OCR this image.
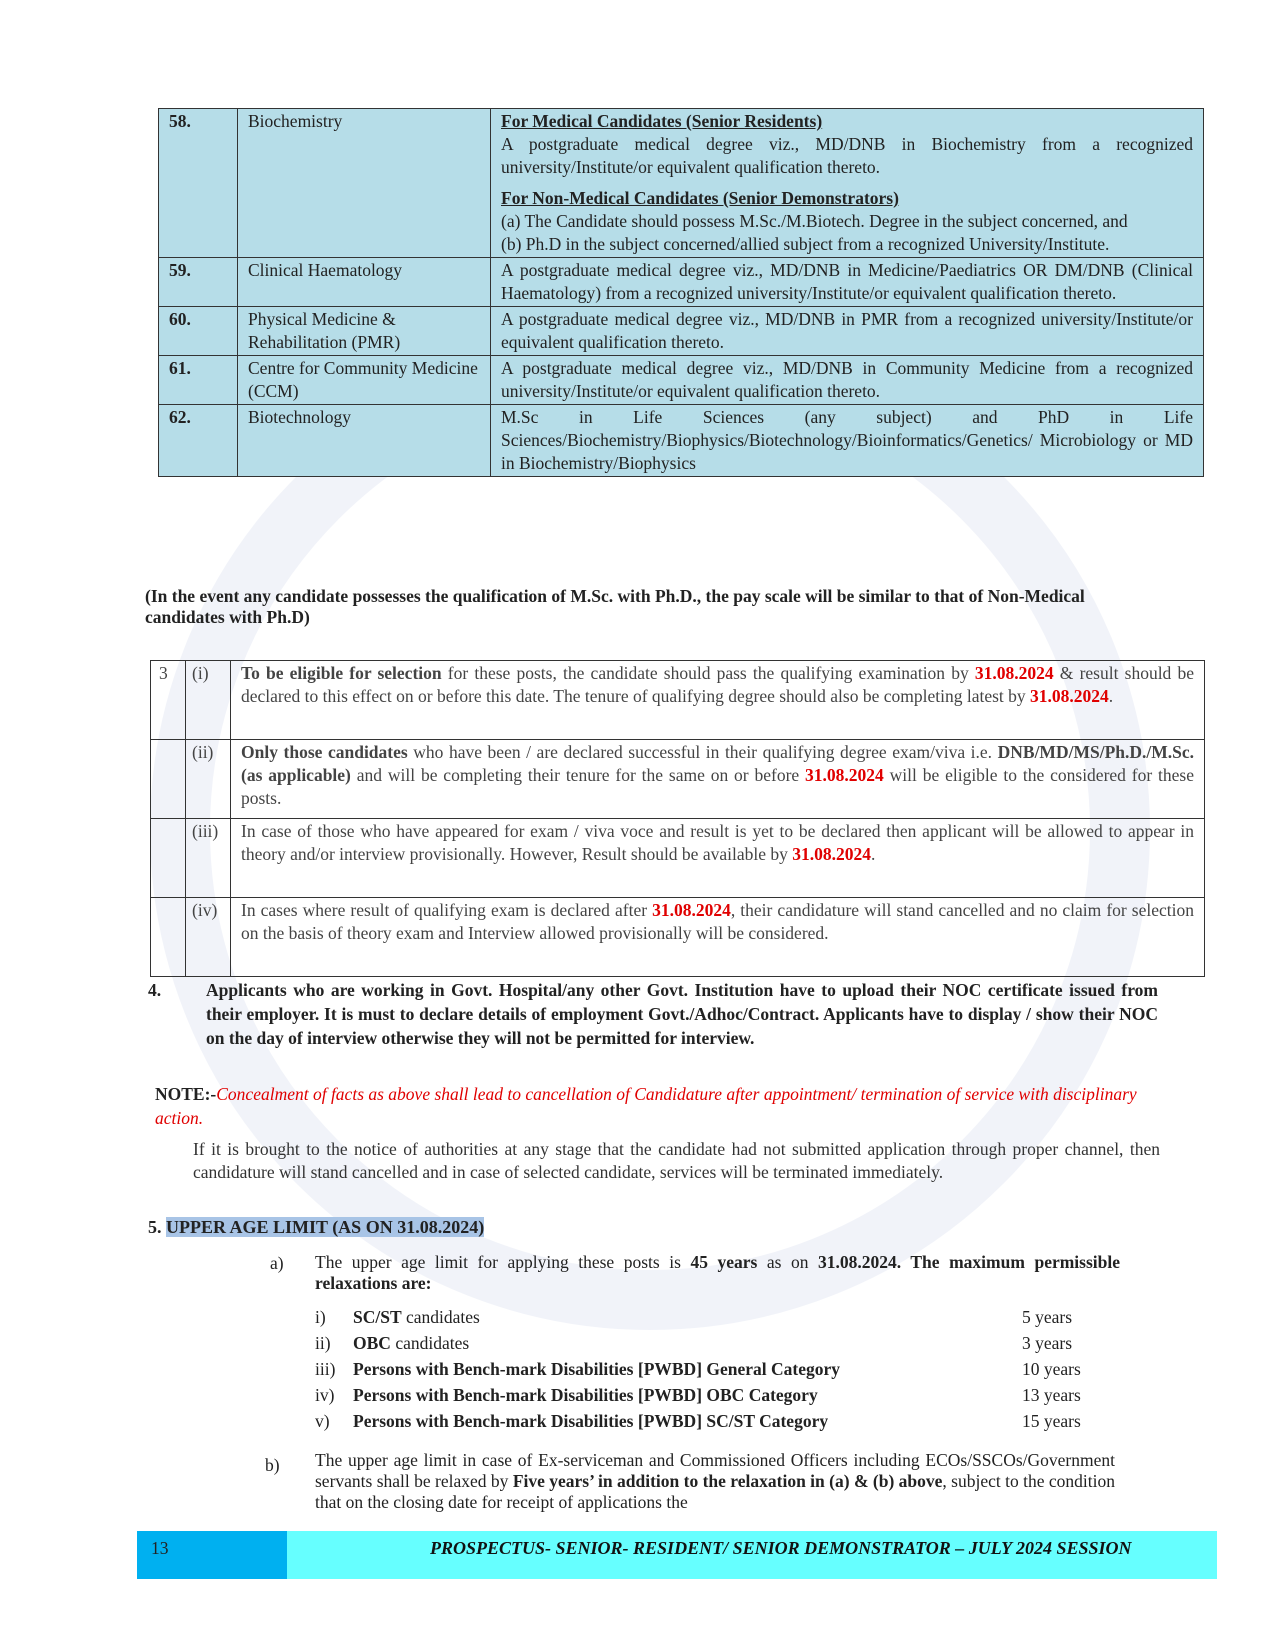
58.	Biochemistry	For Medical Candidates (Senior Residents)
A postgraduate medical degree viz., MD/DNB in Biochemistry from a recognized university/Institute/or equivalent qualification thereto.
For Non-Medical Candidates (Senior Demonstrators)
(a) The Candidate should possess M.Sc./M.Biotech. Degree in the subject concerned, and
(b) Ph.D in the subject concerned/allied subject from a recognized University/Institute.

59.	Clinical Haematology	A postgraduate medical degree viz., MD/DNB in Medicine/Paediatrics OR DM/DNB (Clinical Haematology) from a recognized university/Institute/or equivalent qualification thereto.
60.	Physical Medicine & Rehabilitation (PMR)	A postgraduate medical degree viz., MD/DNB in PMR from a recognized university/Institute/or equivalent qualification thereto.
61.	Centre for Community Medicine (CCM)	A postgraduate medical degree viz., MD/DNB in Community Medicine from a recognized university/Institute/or equivalent qualification thereto.
62.	Biotechnology	M.Sc in Life Sciences (any subject) and PhD in Life Sciences/Biochemistry/Biophysics/Biotechnology/Bioinformatics/Genetics/ Microbiology or MD in Biochemistry/Biophysics
(In the event any candidate possesses the qualification of M.Sc. with Ph.D., the pay scale will be similar to that of Non-Medical candidates with Ph.D)
3	(i)	To be eligible for selection for these posts, the candidate should pass the qualifying examination by 31.08.2024 & result should be declared to this effect on or before this date. The tenure of qualifying degree should also be completing latest by 31.08.2024.
	(ii)	Only those candidates who have been / are declared successful in their qualifying degree exam/viva i.e. DNB/MD/MS/Ph.D./M.Sc. (as applicable) and will be completing their tenure for the same on or before 31.08.2024 will be eligible to the considered for these posts.
	(iii)	In case of those who have appeared for exam / viva voce and result is yet to be declared then applicant will be allowed to appear in theory and/or interview provisionally. However, Result should be available by 31.08.2024.
	(iv)	In cases where result of qualifying exam is declared after 31.08.2024, their candidature will stand cancelled and no claim for selection on the basis of theory exam and Interview allowed provisionally will be considered.
4.	Applicants who are working in Govt. Hospital/any other Govt. Institution have to upload their NOC certificate issued from their employer. It is must to declare details of employment Govt./Adhoc/Contract. Applicants have to display / show their NOC on the day of interview otherwise they will not be permitted for interview.
NOTE:-Concealment of facts as above shall lead to cancellation of Candidature after appointment/ termination of service with disciplinary action.
If it is brought to the notice of authorities at any stage that the candidate had not submitted application through proper channel, then candidature will stand cancelled and in case of selected candidate, services will be terminated immediately.
5. UPPER AGE LIMIT (AS ON 31.08.2024)
a) The upper age limit for applying these posts is 45 years as on 31.08.2024. The maximum permissible relaxations are:
i) SC/ST candidates	5 years
ii) OBC candidates	3 years
iii) Persons with Bench-mark Disabilities [PWBD] General Category	10 years
iv) Persons with Bench-mark Disabilities [PWBD] OBC Category	13 years
v) Persons with Bench-mark Disabilities [PWBD] SC/ST Category	15 years
b) The upper age limit in case of Ex-serviceman and Commissioned Officers including ECOs/SSCOs/Government servants shall be relaxed by Five years’ in addition to the relaxation in (a) & (b) above, subject to the condition that on the closing date for receipt of applications the
13	PROSPECTUS- SENIOR- RESIDENT/ SENIOR DEMONSTRATOR – JULY 2024 SESSION
